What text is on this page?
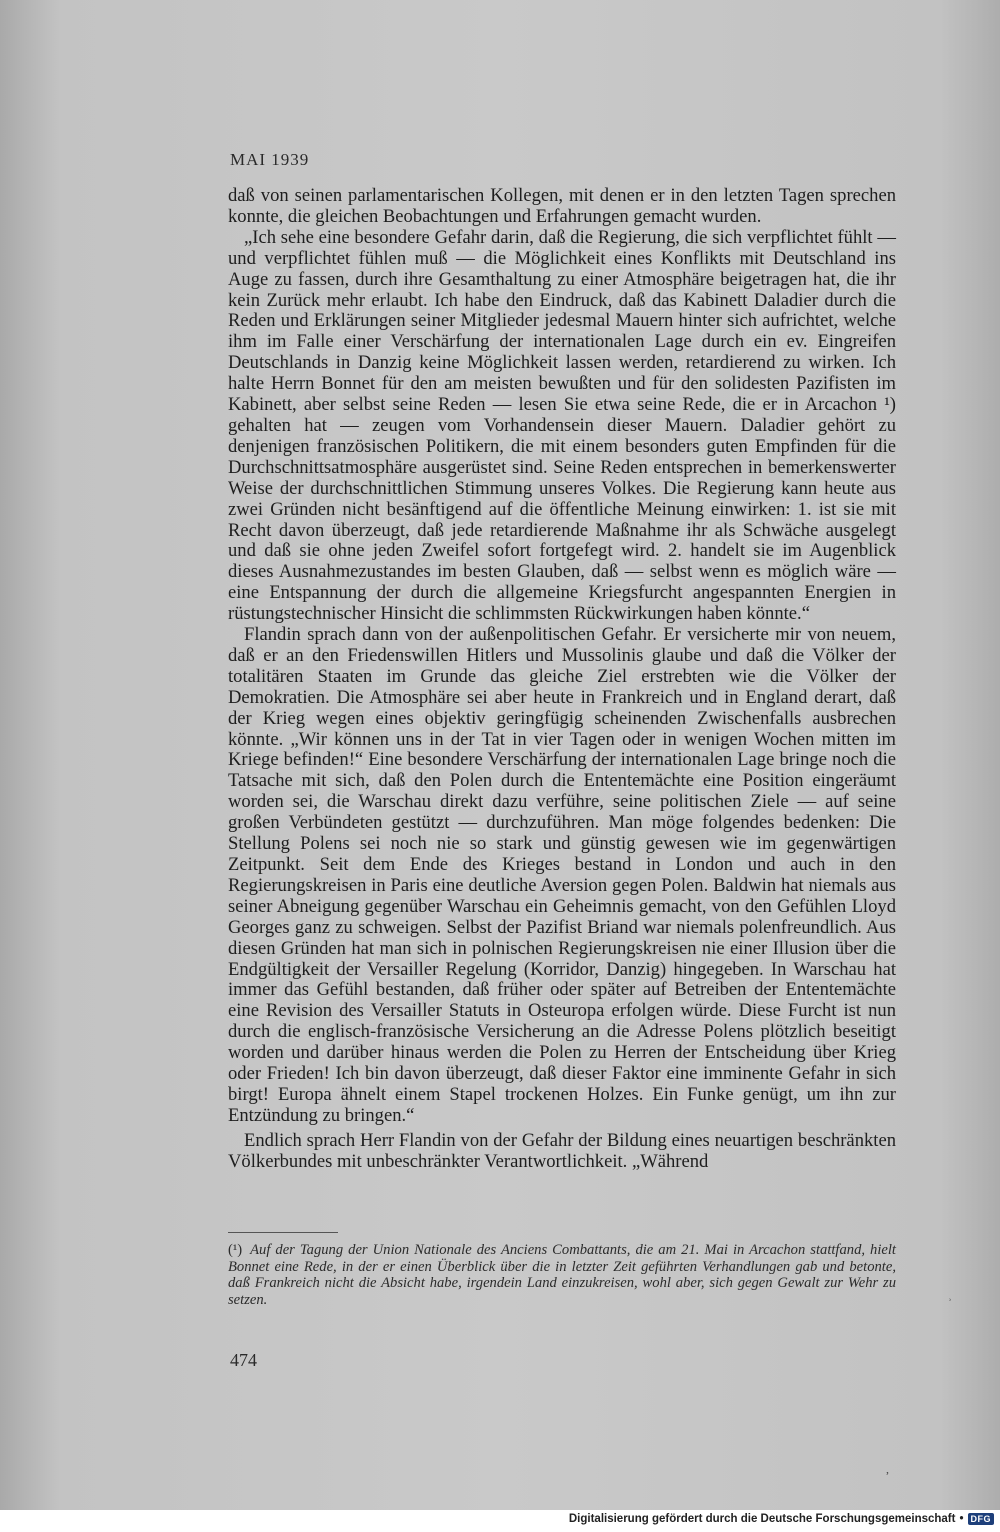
MAI 1939

daß von seinen parlamentarischen Kollegen, mit denen er in den letzten Tagen sprechen konnte, die gleichen Beobachtungen und Erfahrungen gemacht wurden.

„Ich sehe eine besondere Gefahr darin, daß die Regierung, die sich verpflichtet fühlt — und verpflichtet fühlen muß — die Möglichkeit eines Konflikts mit Deutschland ins Auge zu fassen, durch ihre Gesamthaltung zu einer Atmosphäre beigetragen hat, die ihr kein Zurück mehr erlaubt. Ich habe den Eindruck, daß das Kabinett Daladier durch die Reden und Erklärungen seiner Mitglieder jedesmal Mauern hinter sich aufrichtet, welche ihm im Falle einer Verschärfung der internationalen Lage durch ein ev. Eingreifen Deutschlands in Danzig keine Möglichkeit lassen werden, retardierend zu wirken. Ich halte Herrn Bonnet für den am meisten bewußten und für den solidesten Pazifisten im Kabinett, aber selbst seine Reden — lesen Sie etwa seine Rede, die er in Arcachon ¹) gehalten hat — zeugen vom Vorhandensein dieser Mauern. Daladier gehört zu denjenigen französischen Politikern, die mit einem besonders guten Empfinden für die Durchschnittsatmosphäre ausgerüstet sind. Seine Reden entsprechen in bemerkenswerter Weise der durchschnittlichen Stimmung unseres Volkes. Die Regierung kann heute aus zwei Gründen nicht besänftigend auf die öffentliche Meinung einwirken: 1. ist sie mit Recht davon überzeugt, daß jede retardierende Maßnahme ihr als Schwäche ausgelegt und daß sie ohne jeden Zweifel sofort fortgefegt wird. 2. handelt sie im Augenblick dieses Ausnahmezustandes im besten Glauben, daß — selbst wenn es möglich wäre — eine Entspannung der durch die allgemeine Kriegsfurcht angespannten Energien in rüstungstechnischer Hinsicht die schlimmsten Rückwirkungen haben könnte.“

Flandin sprach dann von der außenpolitischen Gefahr. Er versicherte mir von neuem, daß er an den Friedenswillen Hitlers und Mussolinis glaube und daß die Völker der totalitären Staaten im Grunde das gleiche Ziel erstrebten wie die Völker der Demokratien. Die Atmosphäre sei aber heute in Frankreich und in England derart, daß der Krieg wegen eines objektiv geringfügig scheinenden Zwischenfalls ausbrechen könnte. „Wir können uns in der Tat in vier Tagen oder in wenigen Wochen mitten im Kriege befinden!“ Eine besondere Verschärfung der internationalen Lage bringe noch die Tatsache mit sich, daß den Polen durch die Ententemächte eine Position eingeräumt worden sei, die Warschau direkt dazu verführe, seine politischen Ziele — auf seine großen Verbündeten gestützt — durchzuführen. Man möge folgendes bedenken: Die Stellung Polens sei noch nie so stark und günstig gewesen wie im gegenwärtigen Zeitpunkt. Seit dem Ende des Krieges bestand in London und auch in den Regierungskreisen in Paris eine deutliche Aversion gegen Polen. Baldwin hat niemals aus seiner Abneigung gegenüber Warschau ein Geheimnis gemacht, von den Gefühlen Lloyd Georges ganz zu schweigen. Selbst der Pazifist Briand war niemals polenfreundlich. Aus diesen Gründen hat man sich in polnischen Regierungskreisen nie einer Illusion über die Endgültigkeit der Versailler Regelung (Korridor, Danzig) hingegeben. In Warschau hat immer das Gefühl bestanden, daß früher oder später auf Betreiben der Ententemächte eine Revision des Versailler Statuts in Osteuropa erfolgen würde. Diese Furcht ist nun durch die englisch-französische Versicherung an die Adresse Polens plötzlich beseitigt worden und darüber hinaus werden die Polen zu Herren der Entscheidung über Krieg oder Frieden! Ich bin davon überzeugt, daß dieser Faktor eine imminente Gefahr in sich birgt! Europa ähnelt einem Stapel trockenen Holzes. Ein Funke genügt, um ihn zur Entzündung zu bringen.“

Endlich sprach Herr Flandin von der Gefahr der Bildung eines neuartigen beschränkten Völkerbundes mit unbeschränkter Verantwortlichkeit. „Während

(¹) Auf der Tagung der Union Nationale des Anciens Combattants, die am 21. Mai in Arcachon stattfand, hielt Bonnet eine Rede, in der er einen Überblick über die in letzter Zeit geführten Verhandlungen gab und betonte, daß Frankreich nicht die Absicht habe, irgendein Land einzukreisen, wohl aber, sich gegen Gewalt zur Wehr zu setzen.
474
ʾ
,
Digitalisierung gefördert durch die Deutsche Forschungsgemeinschaft • DFG
